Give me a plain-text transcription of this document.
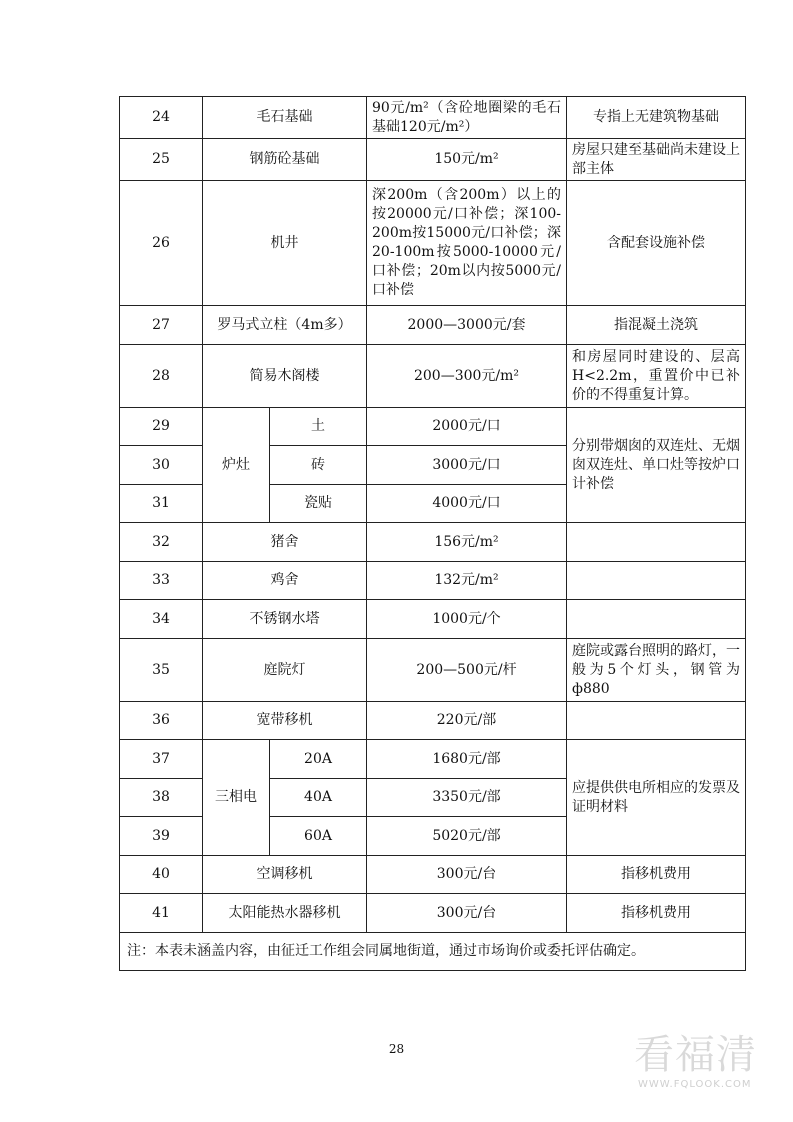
24	毛石基础		90元/m²（含砼地圈梁的毛石基础120元/m²）	专指上无建筑物基础
25	钢筋砼基础		150元/m²	房屋只建至基础尚未建设上部主体
26	机井		深200m（含200m）以上的按20000元/口补偿；深100-200m按15000元/口补偿；深20-100m按5000-10000元/口补偿；20m以内按5000元/口补偿	含配套设施补偿
27	罗马式立柱（4m多）		2000—3000元/套	指混凝土浇筑
28	简易木阁楼		200—300元/m²	和房屋同时建设的、层高H<2.2m，重置价中已补价的不得重复计算。
29	炉灶	土	2000元/口	分别带烟囱的双连灶、无烟囱双连灶、单口灶等按炉口计补偿
30		砖	3000元/口	
31		瓷贴	4000元/口	
32	猪舍		156元/m²	
33	鸡舍		132元/m²	
34	不锈钢水塔		1000元/个	
35	庭院灯		200—500元/杆	庭院或露台照明的路灯，一般为5个灯头，钢管为ф880
36	宽带移机		220元/部	
37	三相电	20A	1680元/部	应提供供电所相应的发票及证明材料
38		40A	3350元/部	
39		60A	5020元/部	
40	空调移机		300元/台	指移机费用
41	太阳能热水器移机		300元/台	指移机费用
注：本表未涵盖内容，由征迁工作组会同属地街道，通过市场询价或委托评估确定。				
28	看福清
WWW.FQLOOK.COM
